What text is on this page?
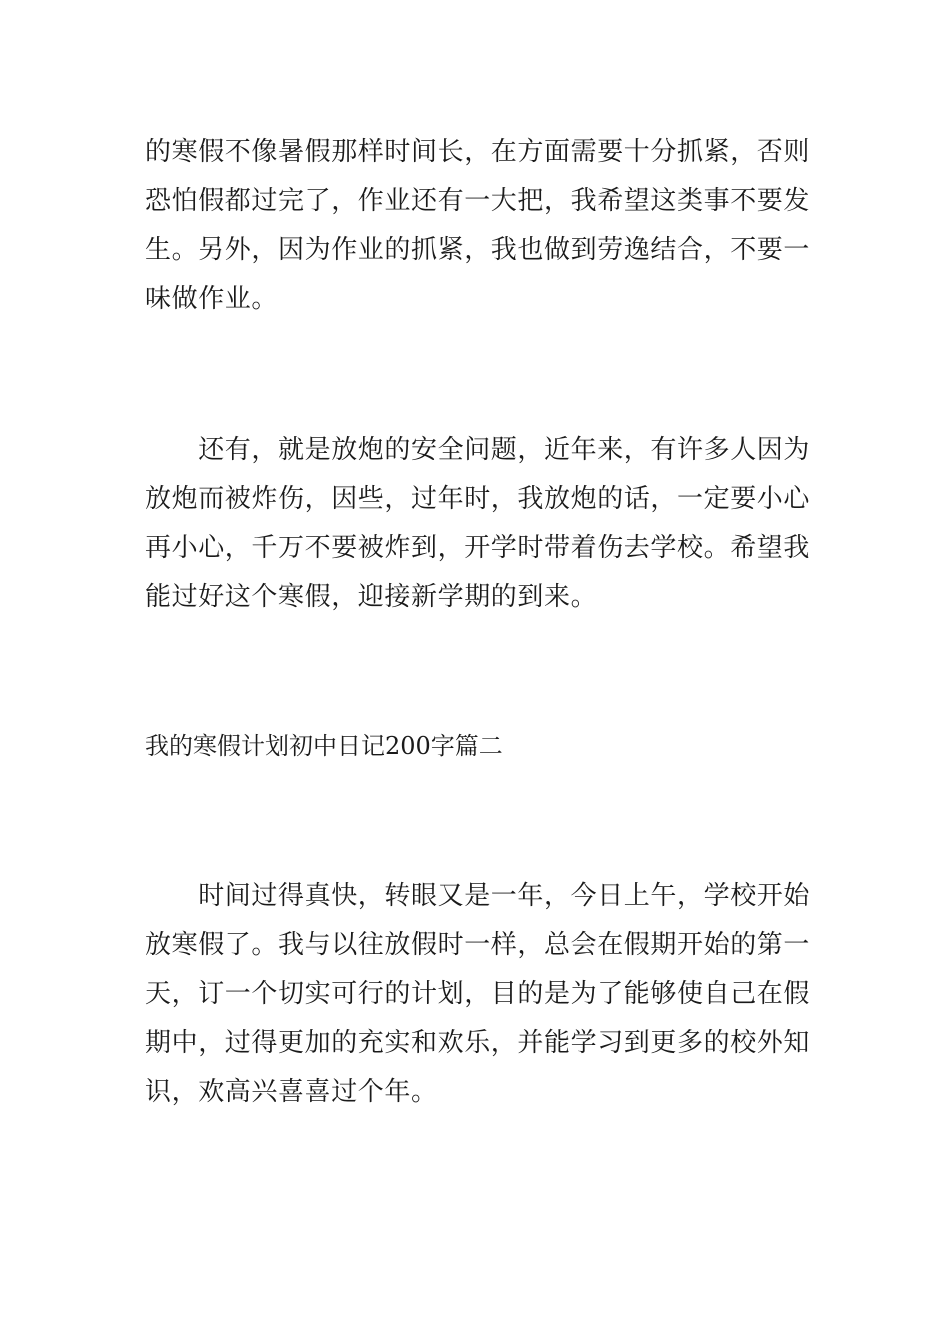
的寒假不像暑假那样时间长，在方面需要十分抓紧，否则
恐怕假都过完了，作业还有一大把，我希望这类事不要发
生。另外，因为作业的抓紧，我也做到劳逸结合，不要一
味做作业。

　　还有，就是放炮的安全问题，近年来，有许多人因为
放炮而被炸伤，因些，过年时，我放炮的话，一定要小心
再小心，千万不要被炸到，开学时带着伤去学校。希望我
能过好这个寒假，迎接新学期的到来。

我的寒假计划初中日记200字篇二

　　时间过得真快，转眼又是一年，今日上午，学校开始
放寒假了。我与以往放假时一样，总会在假期开始的第一
天，订一个切实可行的计划，目的是为了能够使自己在假
期中，过得更加的充实和欢乐，并能学习到更多的校外知
识，欢高兴喜喜过个年。
